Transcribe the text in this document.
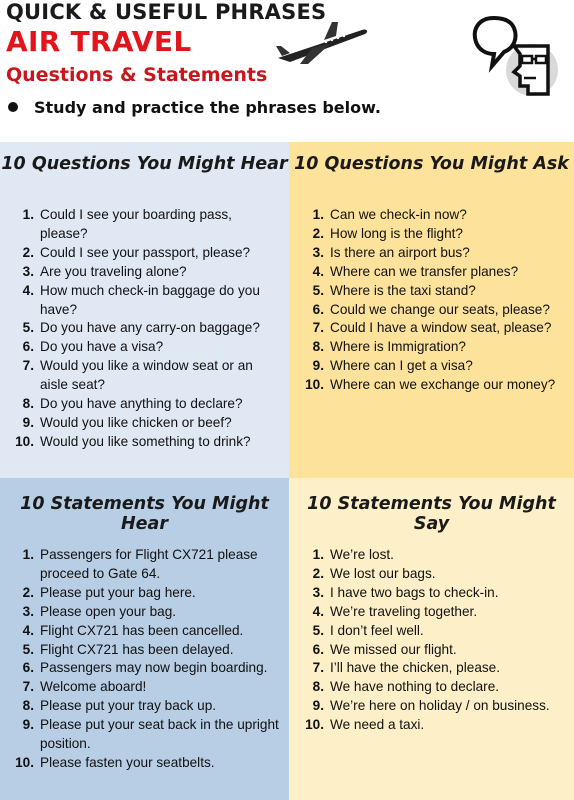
QUICK & USEFUL PHRASES
AIR TRAVEL
Questions & Statements
Study and practice the phrases below.
10 Questions You Might Hear 10 Questions You Might Ask
10 Statements You Might Hear
10 Statements You Might Say
1. Could I see your boarding pass, please?
2. Could I see your passport, please?
3. Are you traveling alone?
4. How much check-in baggage do you have?
5. Do you have any carry-on baggage?
6. Do you have a visa?
7. Would you like a window seat or an aisle seat?
8. Do you have anything to declare?
9. Would you like chicken or beef?
10. Would you like something to drink?
1. Can we check-in now?
2. How long is the flight?
3. Is there an airport bus?
4. Where can we transfer planes?
5. Where is the taxi stand?
6. Could we change our seats, please?
7. Could I have a window seat, please?
8. Where is Immigration?
9. Where can I get a visa?
10. Where can we exchange our money?
1. Passengers for Flight CX721 please proceed to Gate 64.
2. Please put your bag here.
3. Please open your bag.
4. Flight CX721 has been cancelled.
5. Flight CX721 has been delayed.
6. Passengers may now begin boarding.
7. Welcome aboard!
8. Please put your tray back up.
9. Please put your seat back in the upright position.
10. Please fasten your seatbelts.
1. We’re lost.
2. We lost our bags.
3. I have two bags to check-in.
4. We’re traveling together.
5. I don’t feel well.
6. We missed our flight.
7. I’ll have the chicken, please.
8. We have nothing to declare.
9. We’re here on holiday / on business.
10. We need a taxi.
